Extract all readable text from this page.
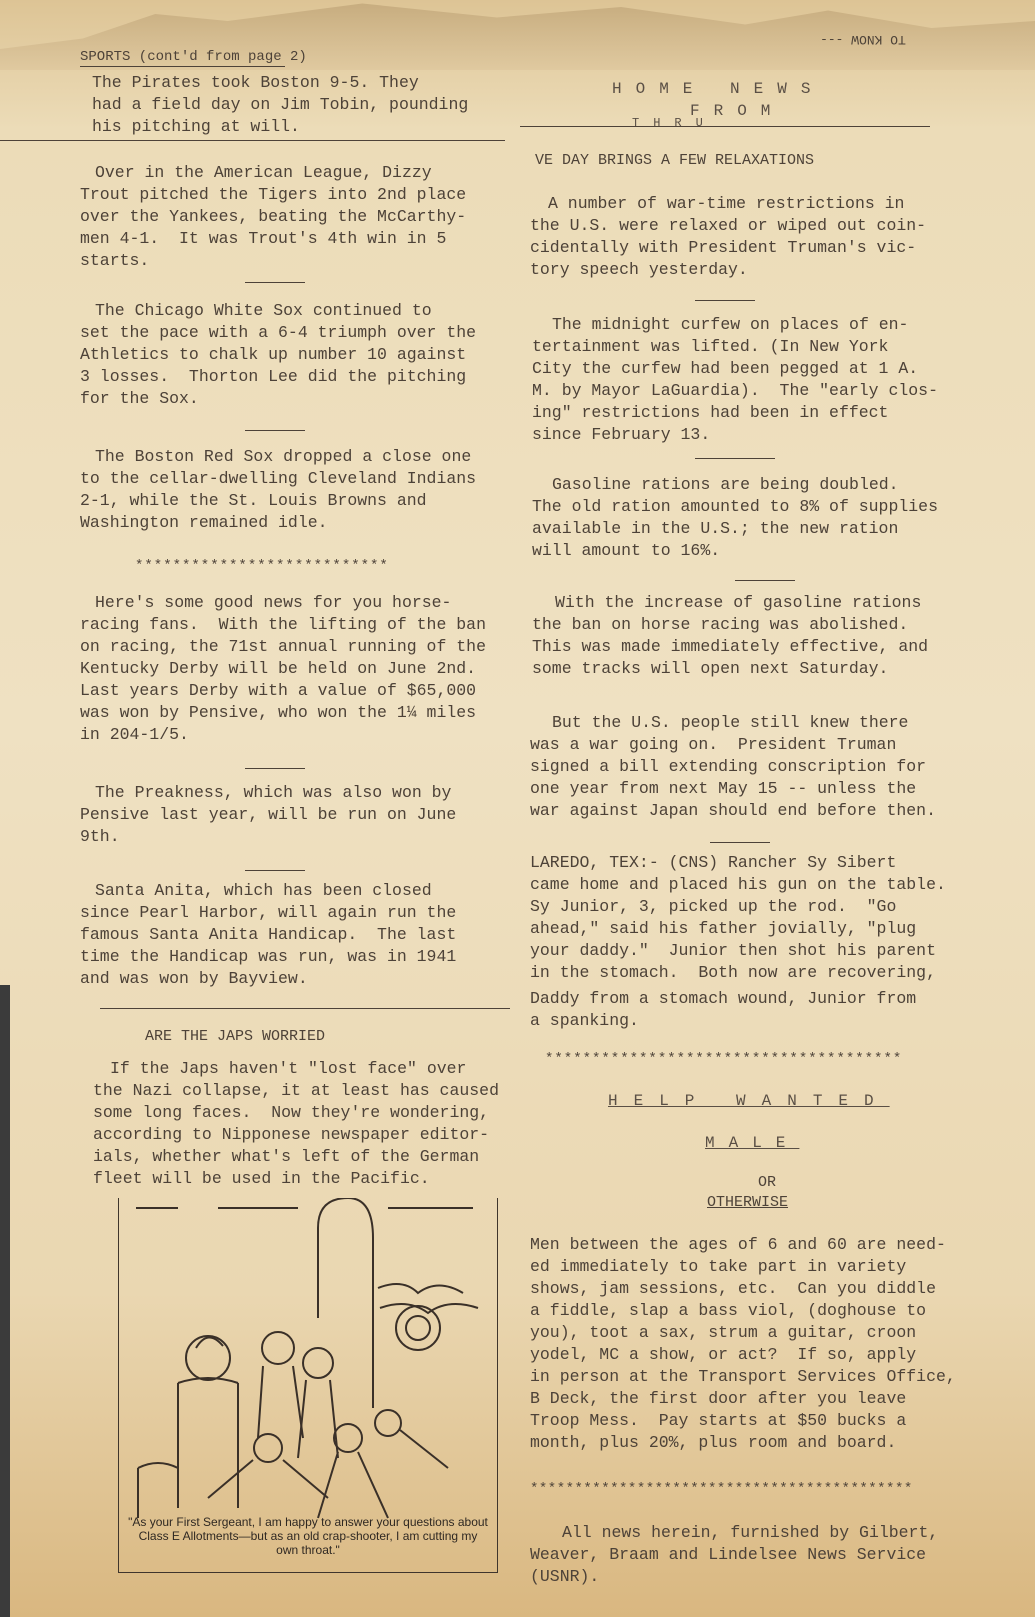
SPORTS (cont'd from page 2)
The Pirates took Boston 9-5. They
had a field day on Jim Tobin, pounding
his pitching at will.
Over in the American League, Dizzy
Trout pitched the Tigers into 2nd place
over the Yankees, beating the McCarthy-
men 4-1.  It was Trout's 4th win in 5
starts.
The Chicago White Sox continued to
set the pace with a 6-4 triumph over the
Athletics to chalk up number 10 against
3 losses.  Thorton Lee did the pitching
for the Sox.
The Boston Red Sox dropped a close one
to the cellar-dwelling Cleveland Indians
2-1, while the St. Louis Browns and
Washington remained idle.
***************************
Here's some good news for you horse-
racing fans.  With the lifting of the ban
on racing, the 71st annual running of the
Kentucky Derby will be held on June 2nd.
Last years Derby with a value of $65,000
was won by Pensive, who won the 1¼ miles
in 204-1/5.
The Preakness, which was also won by
Pensive last year, will be run on June
9th.
Santa Anita, which has been closed
since Pearl Harbor, will again run the
famous Santa Anita Handicap.  The last
time the Handicap was run, was in 1941
and was won by Bayview.
ARE THE JAPS WORRIED
If the Japs haven't "lost face" over
the Nazi collapse, it at least has caused
some long faces.  Now they're wondering,
according to Nipponese newspaper editor-
ials, whether what's left of the German
fleet will be used in the Pacific.
"As your First Sergeant, I am happy to answer your questions about Class E Allotments—but as an old crap-shooter, I am cutting my own throat."
TO KNOW ---
HOME NEWS
FROM
THRU
VE DAY BRINGS A FEW RELAXATIONS
A number of war-time restrictions in
the U.S. were relaxed or wiped out coin-
cidentally with President Truman's vic-
tory speech yesterday.
The midnight curfew on places of en-
tertainment was lifted. (In New York
City the curfew had been pegged at 1 A.
M. by Mayor LaGuardia).  The "early clos-
ing" restrictions had been in effect
since February 13.
Gasoline rations are being doubled.
The old ration amounted to 8% of supplies
available in the U.S.; the new ration
will amount to 16%.
With the increase of gasoline rations
the ban on horse racing was abolished.
This was made immediately effective, and
some tracks will open next Saturday.
But the U.S. people still knew there
was a war going on.  President Truman
signed a bill extending conscription for
one year from next May 15 -- unless the
war against Japan should end before then.
LAREDO, TEX:- (CNS) Rancher Sy Sibert
came home and placed his gun on the table.
Sy Junior, 3, picked up the rod.  "Go
ahead," said his father jovially, "plug
your daddy."  Junior then shot his parent
in the stomach.  Both now are recovering,
Daddy from a stomach wound, Junior from
a spanking.
**************************************
HELP WANTED
MALE
OR
OTHERWISE
Men between the ages of 6 and 60 are need-
ed immediately to take part in variety
shows, jam sessions, etc.  Can you diddle
a fiddle, slap a bass viol, (doghouse to
you), toot a sax, strum a guitar, croon
yodel, MC a show, or act?  If so, apply
in person at the Transport Services Office,
B Deck, the first door after you leave
Troop Mess.  Pay starts at $50 bucks a
month, plus 20%, plus room and board.
*******************************************
All news herein, furnished by Gilbert,
Weaver, Braam and Lindelsee News Service
(USNR).
